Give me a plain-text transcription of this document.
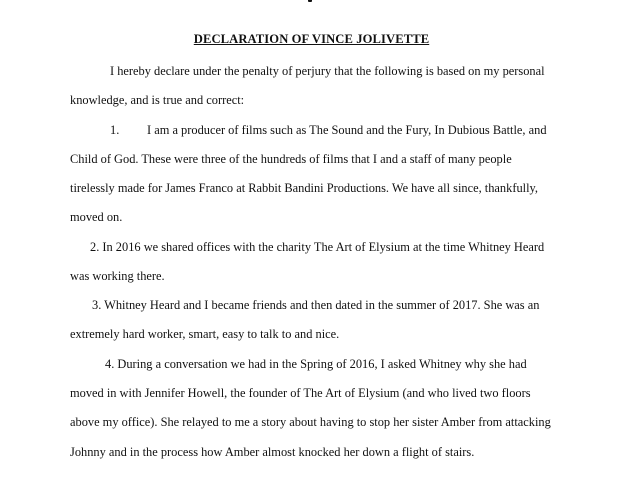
DECLARATION OF VINCE JOLIVETTE
I hereby declare under the penalty of perjury that the following is based on my personal
knowledge, and is true and correct:
1. I am a producer of films such as The Sound and the Fury, In Dubious Battle, and
Child of God. These were three of the hundreds of films that I and a staff of many people
tirelessly made for James Franco at Rabbit Bandini Productions. We have all since, thankfully,
moved on.
2. In 2016 we shared offices with the charity The Art of Elysium at the time Whitney Heard
was working there.
3. Whitney Heard and I became friends and then dated in the summer of 2017. She was an
extremely hard worker, smart, easy to talk to and nice.
4. During a conversation we had in the Spring of 2016, I asked Whitney why she had
moved in with Jennifer Howell, the founder of The Art of Elysium (and who lived two floors
above my office). She relayed to me a story about having to stop her sister Amber from attacking
Johnny and in the process how Amber almost knocked her down a flight of stairs.
